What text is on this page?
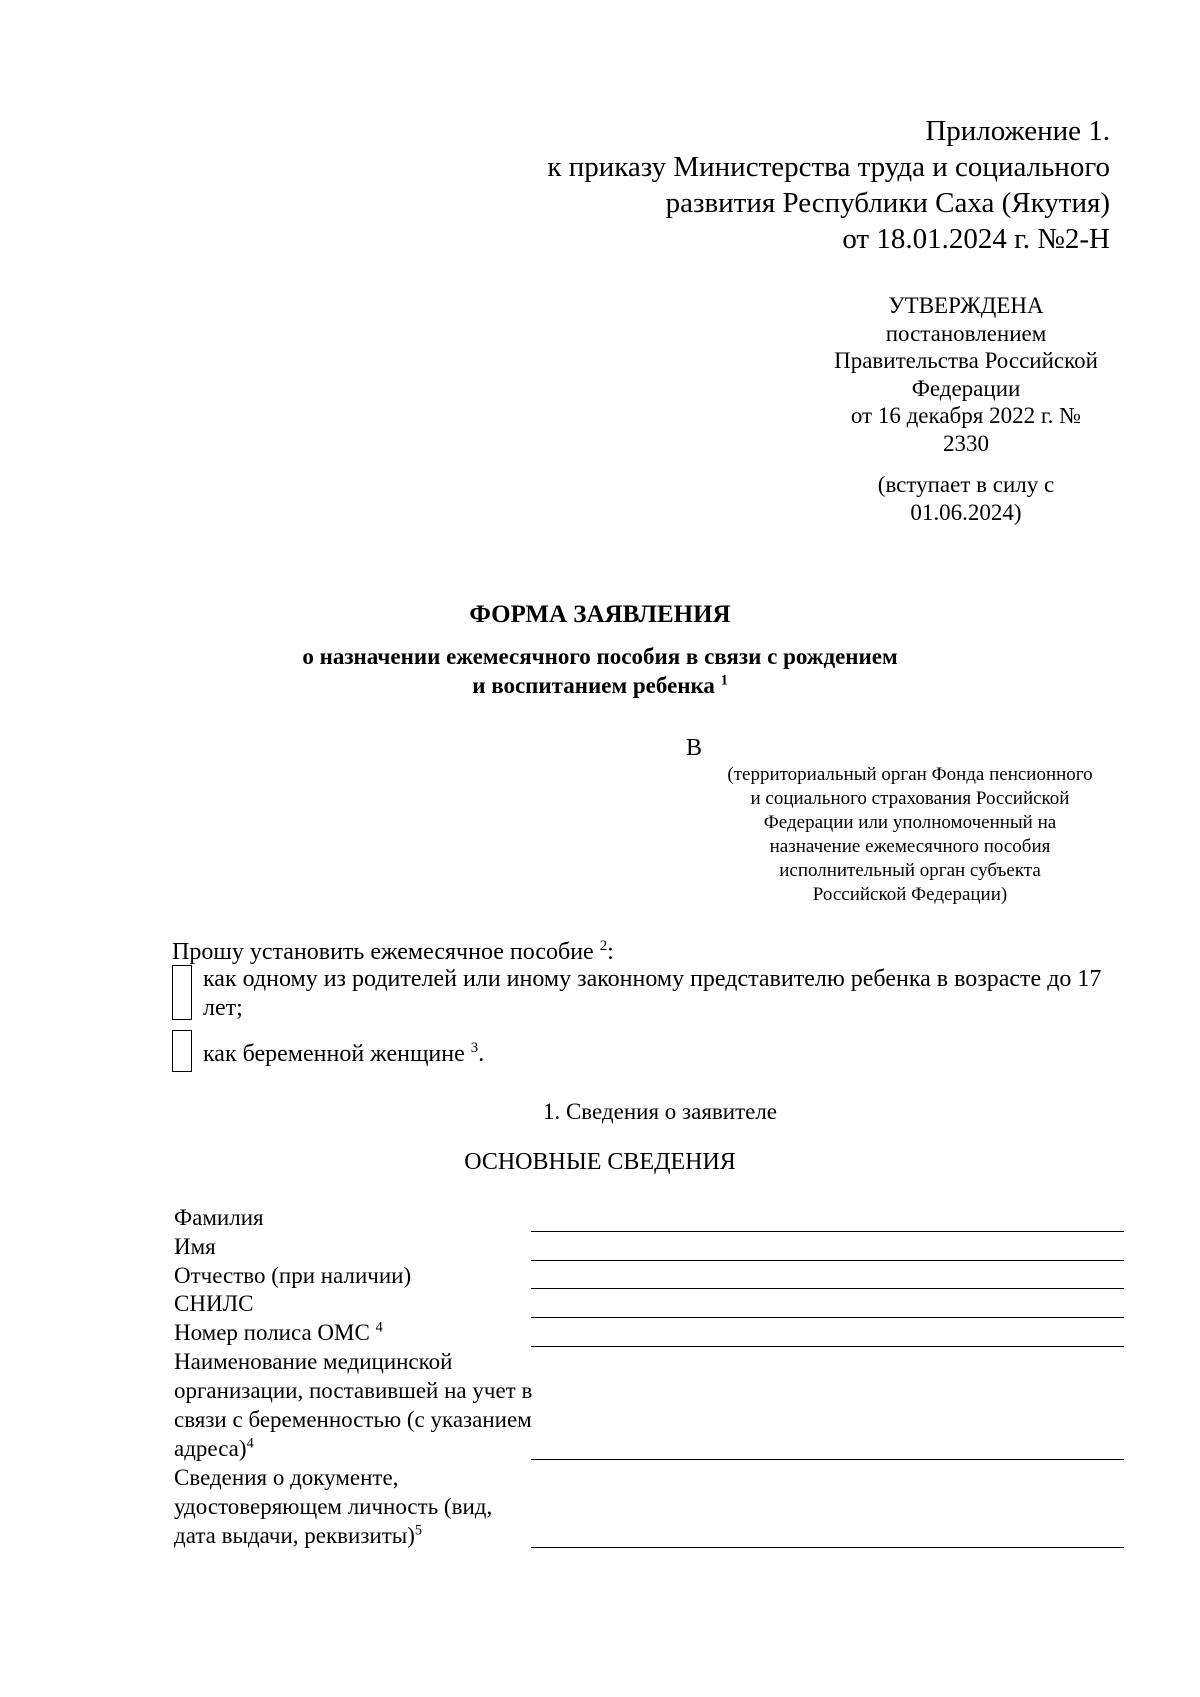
Приложение 1.
к приказу Министерства труда и социального
развития Республики Саха (Якутия)
от 18.01.2024 г. №2-Н
УТВЕРЖДЕНА
постановлением
Правительства Российской
Федерации
от 16 декабря 2022 г. №
2330
(вступает в силу с
01.06.2024)
ФОРМА ЗАЯВЛЕНИЯ
о назначении ежемесячного пособия в связи с рождением
и воспитанием ребенка $^1$
В
(территориальный орган Фонда пенсионного
и социального страхования Российской
Федерации или уполномоченный на
назначение ежемесячного пособия
исполнительный орган субъекта
Российской Федерации)
Прошу установить ежемесячное пособие $^2$:
как одному из родителей или иному законному представителю ребенка в возрасте до 17 лет;
как беременной женщине $^3$.
1. Сведения о заявителе
ОСНОВНЫЕ СВЕДЕНИЯ
Фамилия
Имя
Отчество (при наличии)
СНИЛС
Номер полиса ОМС $^4$
Наименование медицинской организации, поставившей на учет в связи с беременностью (с указанием адреса)$^4$
Сведения о документе, удостоверяющем личность (вид, дата выдачи, реквизиты)$^5$
